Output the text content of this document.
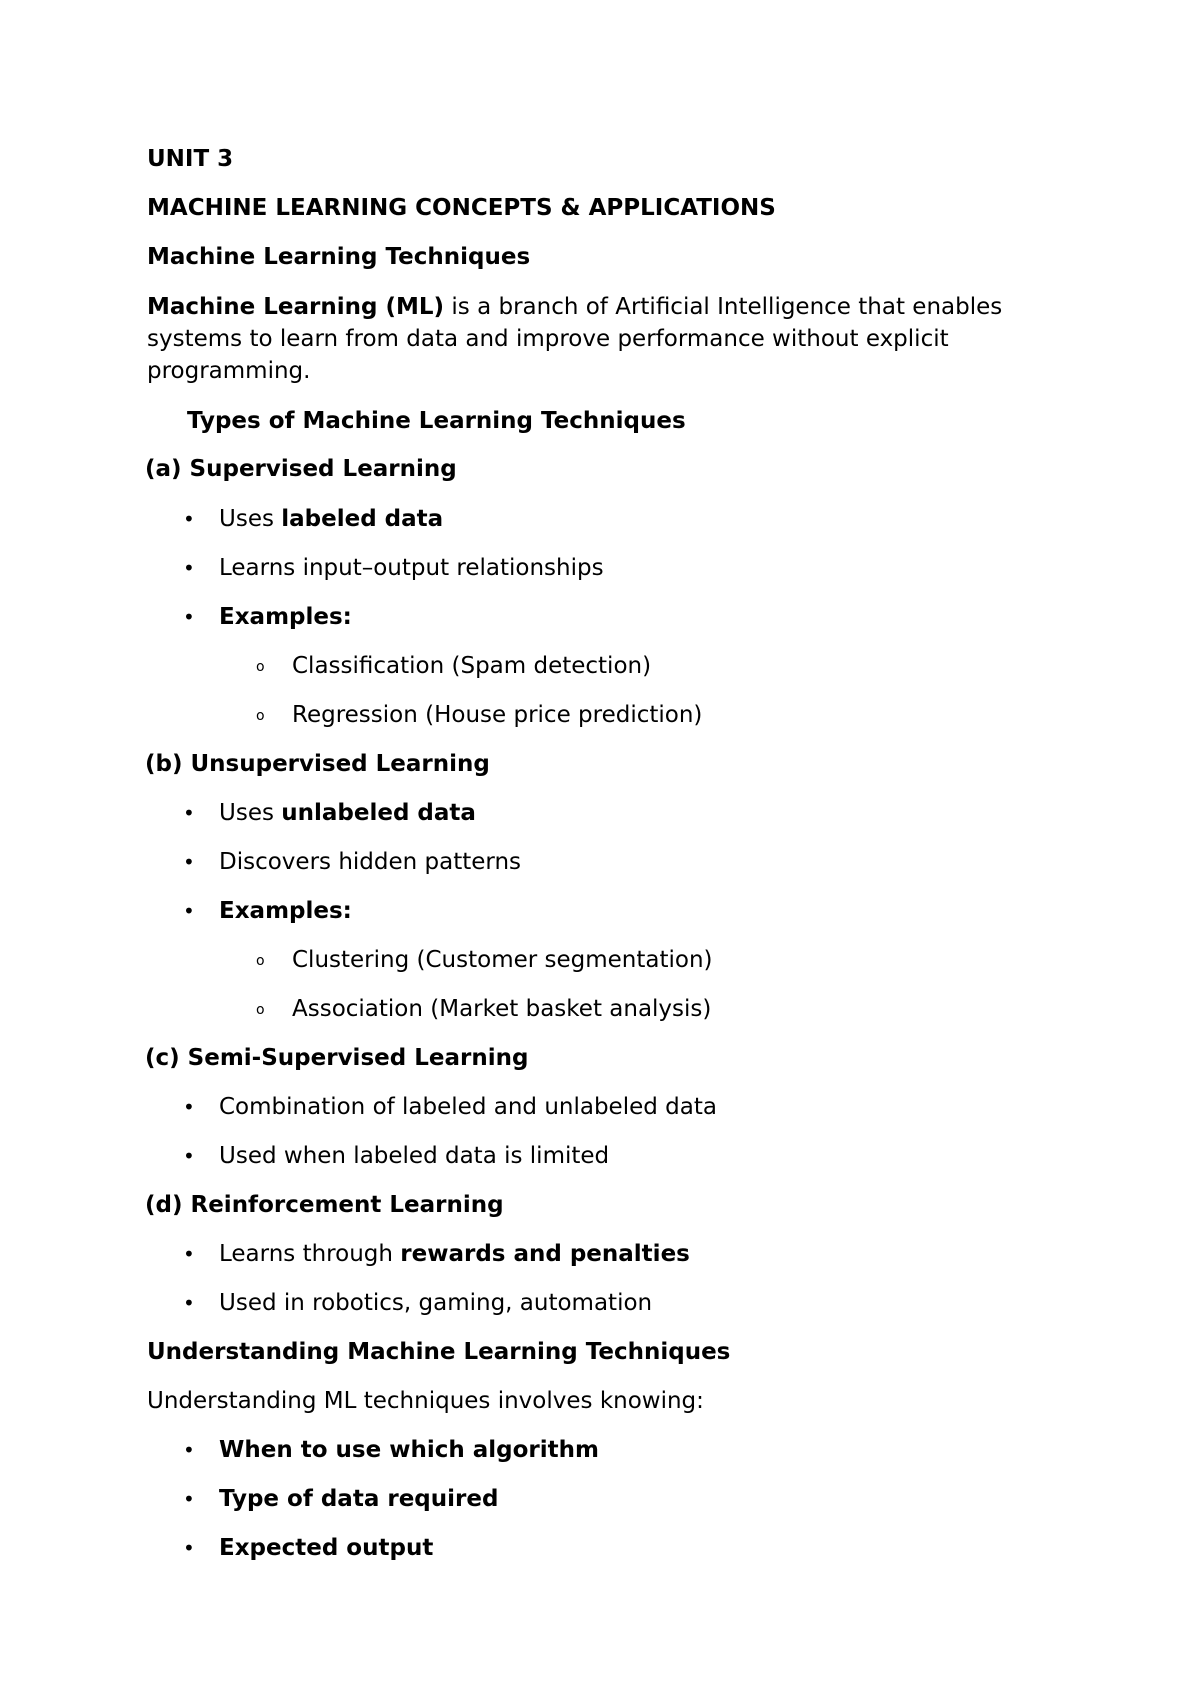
UNIT 3
MACHINE LEARNING CONCEPTS & APPLICATIONS
Machine Learning Techniques
Machine Learning (ML) is a branch of Artificial Intelligence that enables systems to learn from data and improve performance without explicit programming.
Types of Machine Learning Techniques
(a) Supervised Learning
• Uses labeled data
• Learns input–output relationships
• Examples:
o Classification (Spam detection)
o Regression (House price prediction)
(b) Unsupervised Learning
• Uses unlabeled data
• Discovers hidden patterns
• Examples:
o Clustering (Customer segmentation)
o Association (Market basket analysis)
(c) Semi-Supervised Learning
• Combination of labeled and unlabeled data
• Used when labeled data is limited
(d) Reinforcement Learning
• Learns through rewards and penalties
• Used in robotics, gaming, automation
Understanding Machine Learning Techniques
Understanding ML techniques involves knowing:
• When to use which algorithm
• Type of data required
• Expected output
